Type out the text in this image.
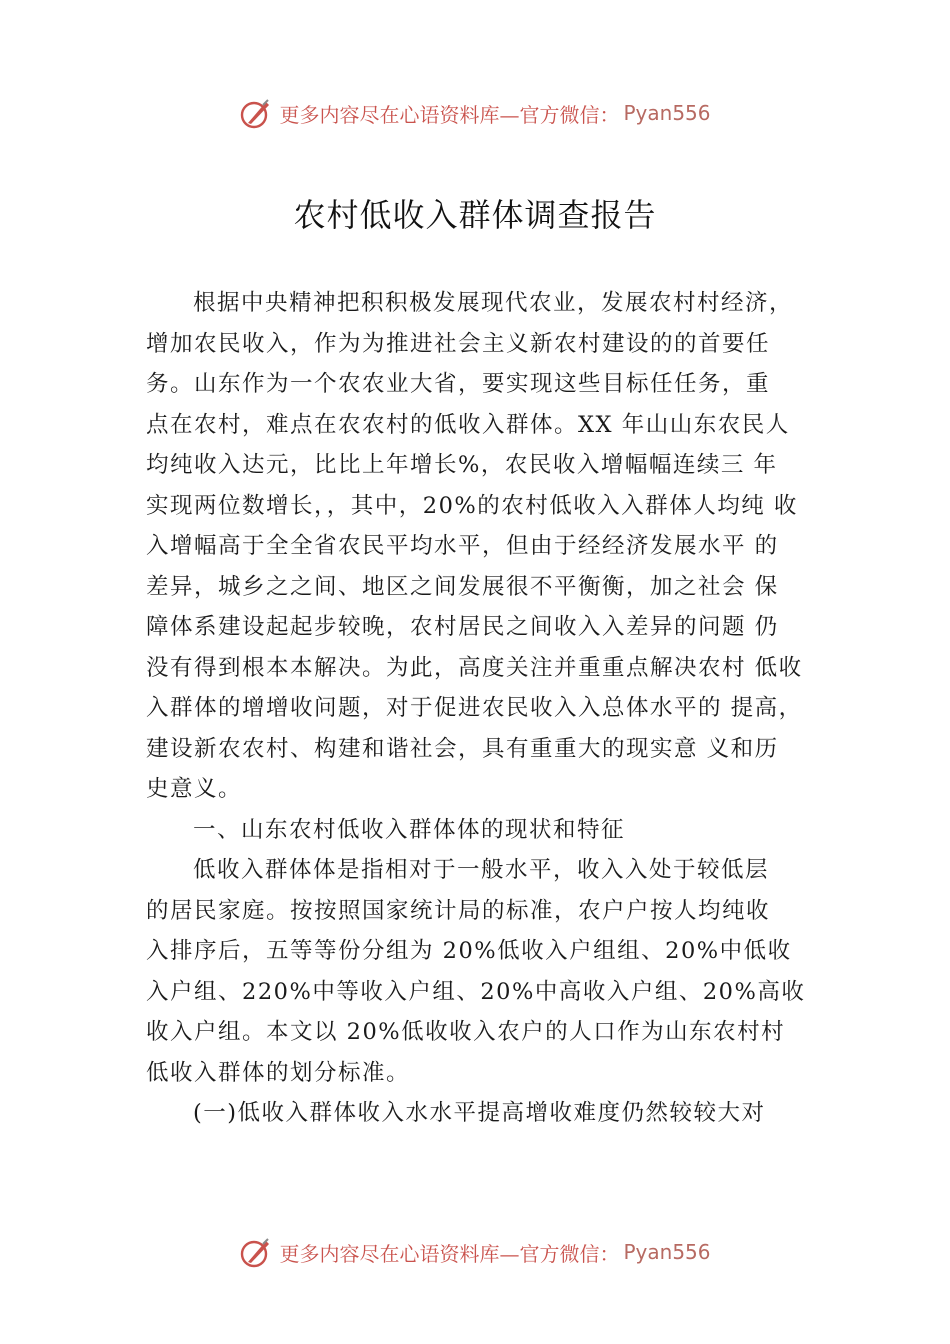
更多内容尽在心语资料库—官方微信： Pyan556
农村低收入群体调查报告
根据中央精神把积积极发展现代农业，发展农村村经济，
增加农民收入，作为为推进社会主义新农村建设的的首要任
务。山东作为一个农农业大省，要实现这些目标任任务，重
点在农村，难点在农农村的低收入群体。XX 年山山东农民人
均纯收入达元，比比上年增长%，农民收入增幅幅连续三 年
实现两位数增长，，其中，20%的农村低收入入群体人均纯 收
入增幅高于全全省农民平均水平，但由于经经济发展水平 的
差异，城乡之之间、地区之间发展很不平衡衡，加之社会 保
障体系建设起起步较晚，农村居民之间收入入差异的问题 仍
没有得到根本本解决。为此，高度关注并重重点解决农村 低收
入群体的增增收问题，对于促进农民收入入总体水平的 提高，
建设新农农村、构建和谐社会，具有重重大的现实意 义和历
史意义。
一、山东农村低收入群体体的现状和特征
低收入群体体是指相对于一般水平，收入入处于较低层
的居民家庭。按按照国家统计局的标准，农户户按人均纯收
入排序后，五等等份分组为 20%低收入户组组、20%中低收
入户组、220%中等收入户组、20%中高收入户组、20%高收
收入户组。本文以 20%低收收入农户的人口作为山东农村村
低收入群体的划分标准。
(一)低收入群体收入水水平提高增收难度仍然较较大对
更多内容尽在心语资料库—官方微信： Pyan556
